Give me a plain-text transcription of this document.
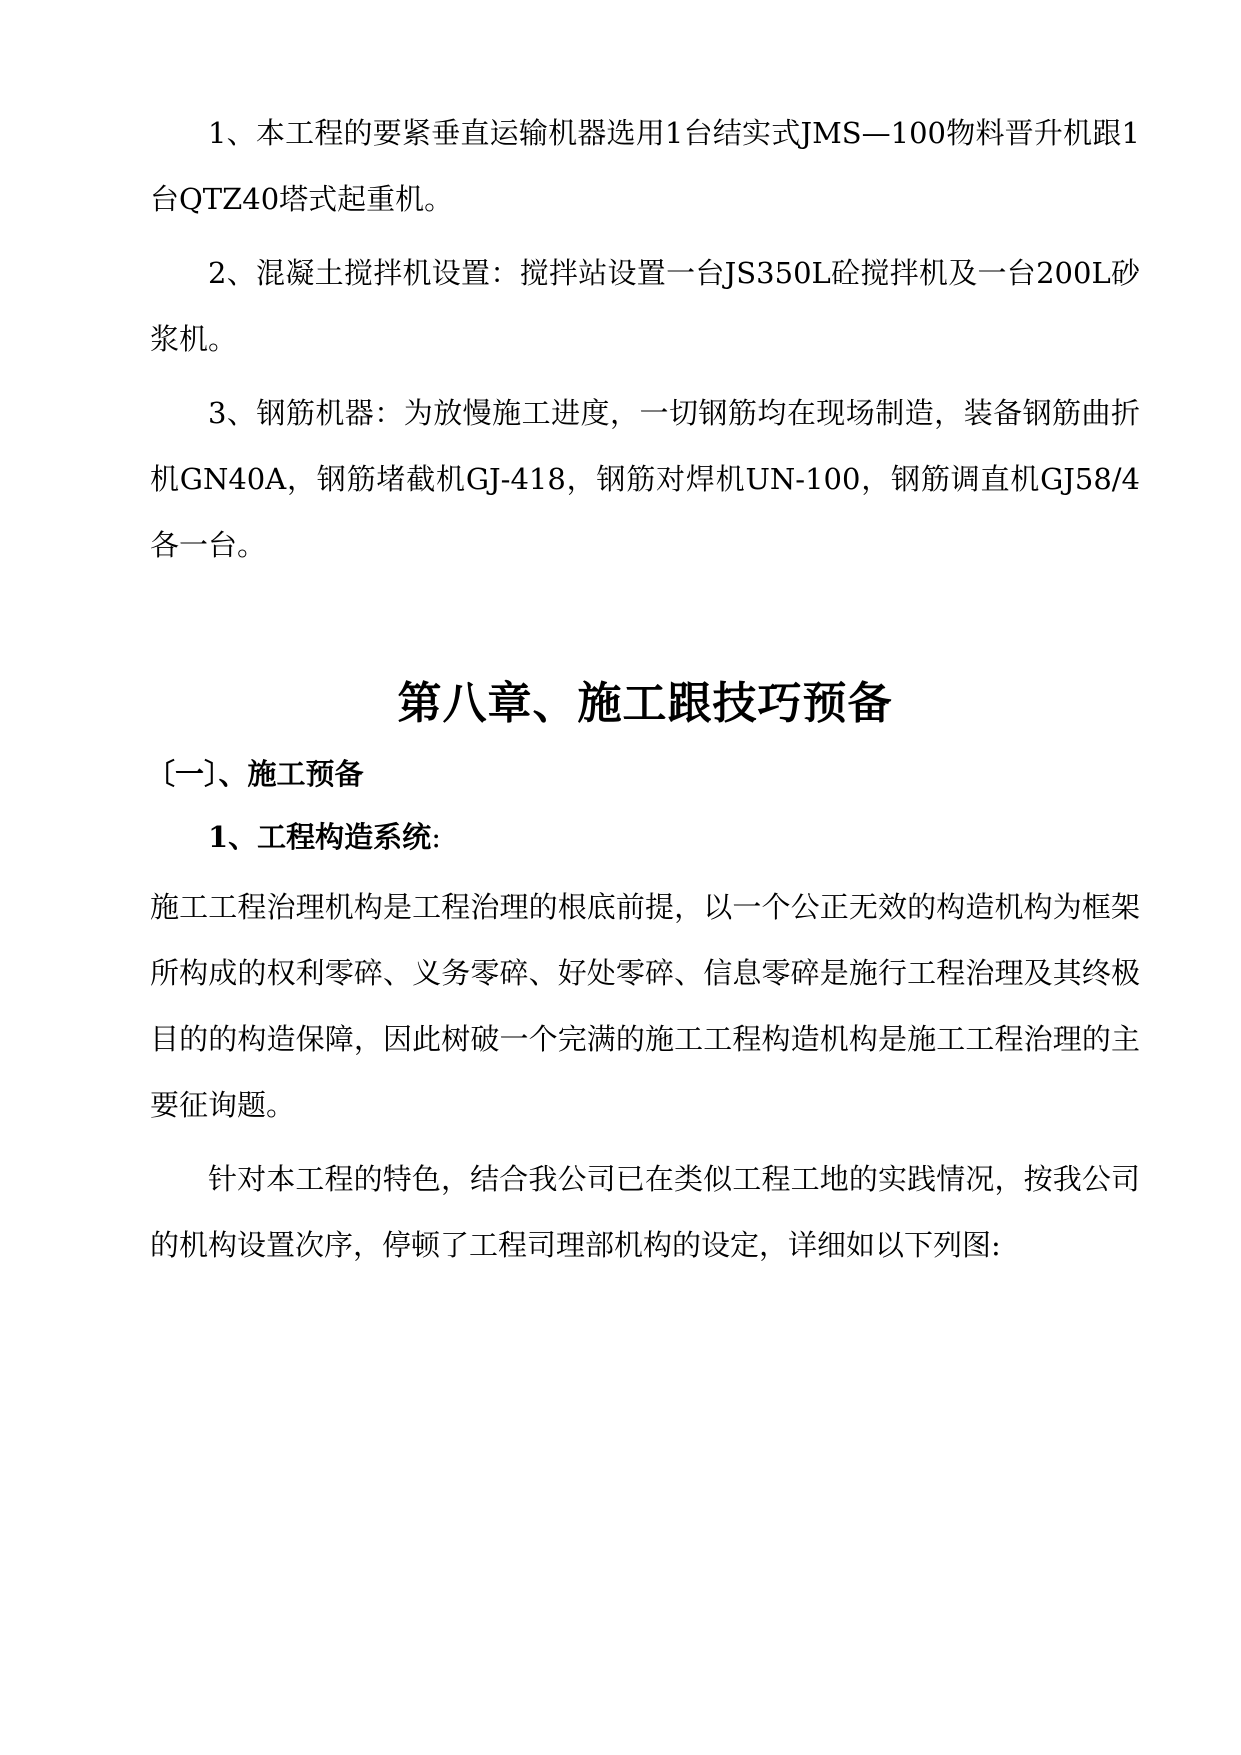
1、本工程的要紧垂直运输机器选用1台结实式JMS—100物料晋升机跟1台QTZ40塔式起重机。

2、混凝土搅拌机设置：搅拌站设置一台JS350L砼搅拌机及一台200L砂浆机。

3、钢筋机器：为放慢施工进度，一切钢筋均在现场制造，装备钢筋曲折机GN40A，钢筋堵截机GJ-418，钢筋对焊机UN-100，钢筋调直机GJ58/4各一台。

第八章、施工跟技巧预备
〔一〕、施工预备
1、工程构造系统:

施工工程治理机构是工程治理的根底前提，以一个公正无效的构造机构为框架所构成的权利零碎、义务零碎、好处零碎、信息零碎是施行工程治理及其终极目的的构造保障，因此树破一个完满的施工工程构造机构是施工工程治理的主要征询题。

针对本工程的特色，结合我公司已在类似工程工地的实践情况，按我公司的机构设置次序，停顿了工程司理部机构的设定，详细如以下列图:
